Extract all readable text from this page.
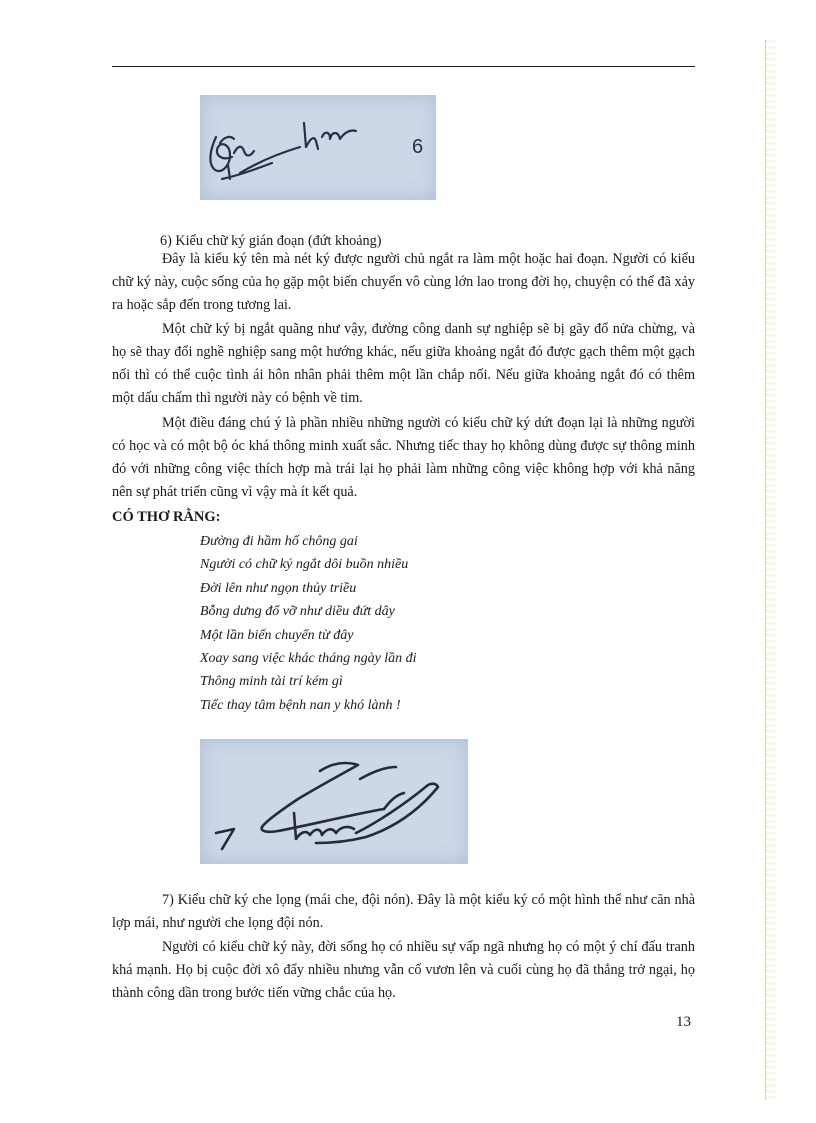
6

6) Kiểu chữ ký gián đoạn (đứt khoảng)

Đây là kiểu ký tên mà nét ký được người chủ ngắt ra làm một hoặc hai đoạn. Người có kiểu chữ ký này, cuộc sống của họ gặp một biến chuyển vô cùng lớn lao trong đời họ, chuyện có thể đã xảy ra hoặc sắp đến trong tương lai.

Một chữ ký bị ngắt quãng như vậy, đường công danh sự nghiệp sẽ bị gãy đổ nửa chừng, và họ sẽ thay đổi nghề nghiệp sang một hướng khác, nếu giữa khoảng ngắt đó được gạch thêm một gạch nối thì có thể cuộc tình ái hôn nhân phải thêm một lần chắp nối. Nếu giữa khoảng ngắt đó có thêm một dấu chấm thì người này có bệnh về tim.

Một điều đáng chú ý là phần nhiều những người có kiểu chữ ký dứt đoạn lại là những người có học và có một bộ óc khá thông minh xuất sắc. Nhưng tiếc thay họ không dùng được sự thông minh đó với những công việc thích hợp mà trái lại họ phải làm những công việc không hợp với khả năng nên sự phát triển cũng vì vậy mà ít kết quả.

CÓ THƠ RẰNG:
Đường đi hầm hố chông gai
Người có chữ ký ngắt dôi buồn nhiều
Đời lên như ngọn thủy triều
Bỗng dưng đổ vỡ như diều đứt dây
Một lần biến chuyển từ đây
Xoay sang việc khác tháng ngày lần đi
Thông minh tài trí kém gì
Tiếc thay tâm bệnh nan y khó lành !

7) Kiểu chữ ký che lọng (mái che, đội nón). Đây là một kiểu ký có một hình thể như căn nhà lợp mái, như người che lọng đội nón.

Người có kiểu chữ ký này, đời sống họ có nhiều sự vấp ngã nhưng họ có một ý chí đấu tranh khá mạnh. Họ bị cuộc đời xô đẩy nhiều nhưng vẫn cố vươn lên và cuối cùng họ đã thắng trở ngại, họ thành công dần trong bước tiến vững chắc của họ.

13
